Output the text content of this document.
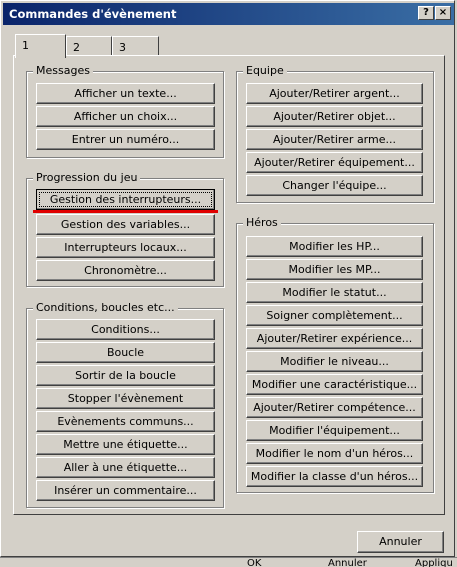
Commandes d'évènement	? ×
1	2	3
Messages
Afficher un texte...
Afficher un choix...
Entrer un numéro...
Progression du jeu
Gestion des interrupteurs...
Gestion des variables...
Interrupteurs locaux...
Chronomètre...
Conditions, boucles etc...
Conditions...
Boucle
Sortir de la boucle
Stopper l'évènement
Evènements communs...
Mettre une étiquette...
Aller à une étiquette...
Insérer un commentaire...
Equipe
Ajouter/Retirer argent...
Ajouter/Retirer objet...
Ajouter/Retirer arme...
Ajouter/Retirer équipement...
Changer l'équipe...
Héros
Modifier les HP...
Modifier les MP...
Modifier le statut...
Soigner complètement...
Ajouter/Retirer expérience...
Modifier le niveau...
Modifier une caractéristique...
Ajouter/Retirer compétence...
Modifier l'équipement...
Modifier le nom d'un héros...
Modifier la classe d'un héros...
Annuler
OK	Annuler	Appliqu
